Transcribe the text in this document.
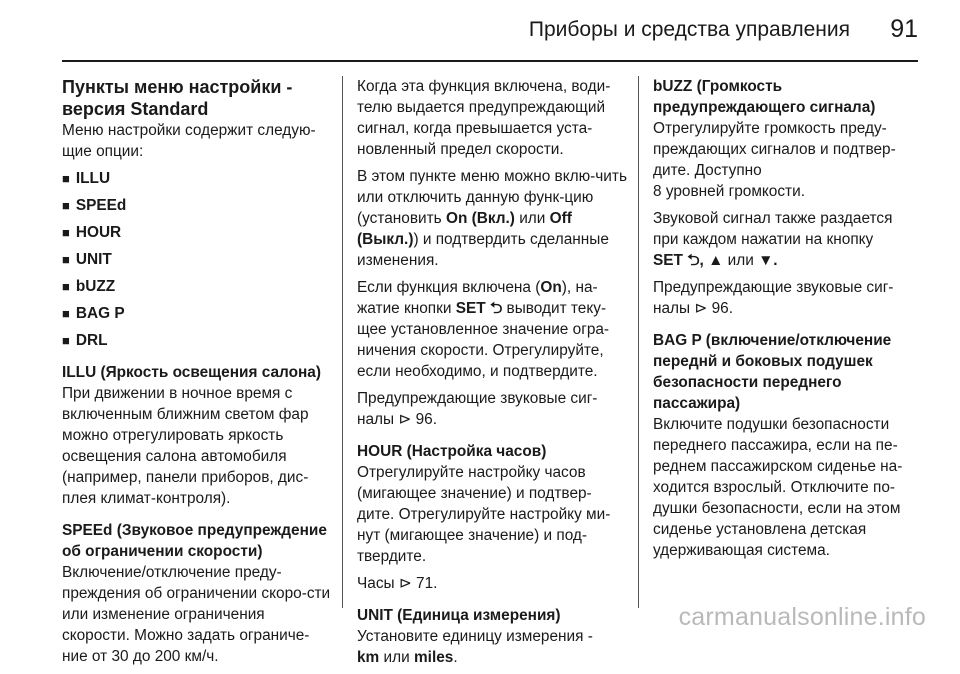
Приборы и средства управления 91
Пункты меню настройки -
версия Standard

Меню настройки содержит следую-щие опции:

■ ILLU
■ SPEEd
■ HOUR
■ UNIT
■ bUZZ
■ BAG P
■ DRL
ILLU (Яркость освещения салона)

При движении в ночное время с включенным ближним светом фар можно отрегулировать яркость освещения салона автомобиля (например, панели приборов, дис-плея климат-контроля).

SPEEd (Звуковое предупреждение об ограничении скорости)

Включение/отключение преду-преждения об ограничении скоро-сти или изменение ограничения скорости. Можно задать ограниче-ние от 30 до 200 км/ч.

Когда эта функция включена, води-телю выдается предупреждающий сигнал, когда превышается уста-новленный предел скорости.

В этом пункте меню можно вклю-чить или отключить данную функ-цию (установить On (Вкл.) или Off (Выкл.)) и подтвердить сделанные изменения.

Если функция включена (On), на-жатие кнопки SET ⮌ выводит теку-щее установленное значение огра-ничения скорости. Отрегулируйте, если необходимо, и подтвердите.

Предупреждающие звуковые сиг-налы ⊳ 96.

HOUR (Настройка часов)

Отрегулируйте настройку часов (мигающее значение) и подтвер-дите. Отрегулируйте настройку ми-нут (мигающее значение) и под-твердите.

Часы ⊳ 71.

UNIT (Единица измерения)

Установите единицу измерения -
km или miles.

bUZZ (Громкость предупреждающего сигнала)

Отрегулируйте громкость преду-преждающих сигналов и подтвер-дите. Доступно
8 уровней громкости.

Звуковой сигнал также раздается при каждом нажатии на кнопку
SET ⮌, ▲ или ▼.

Предупреждающие звуковые сиг-налы ⊳ 96.

BAG P (включение/отключение переднй и боковых подушек безопасности переднего пассажира)

Включите подушки безопасности переднего пассажира, если на пе-реднем пассажирском сиденье на-ходится взрослый. Отключите по-душки безопасности, если на этом сиденье установлена детская удерживающая система.

carmanualsonline.info
